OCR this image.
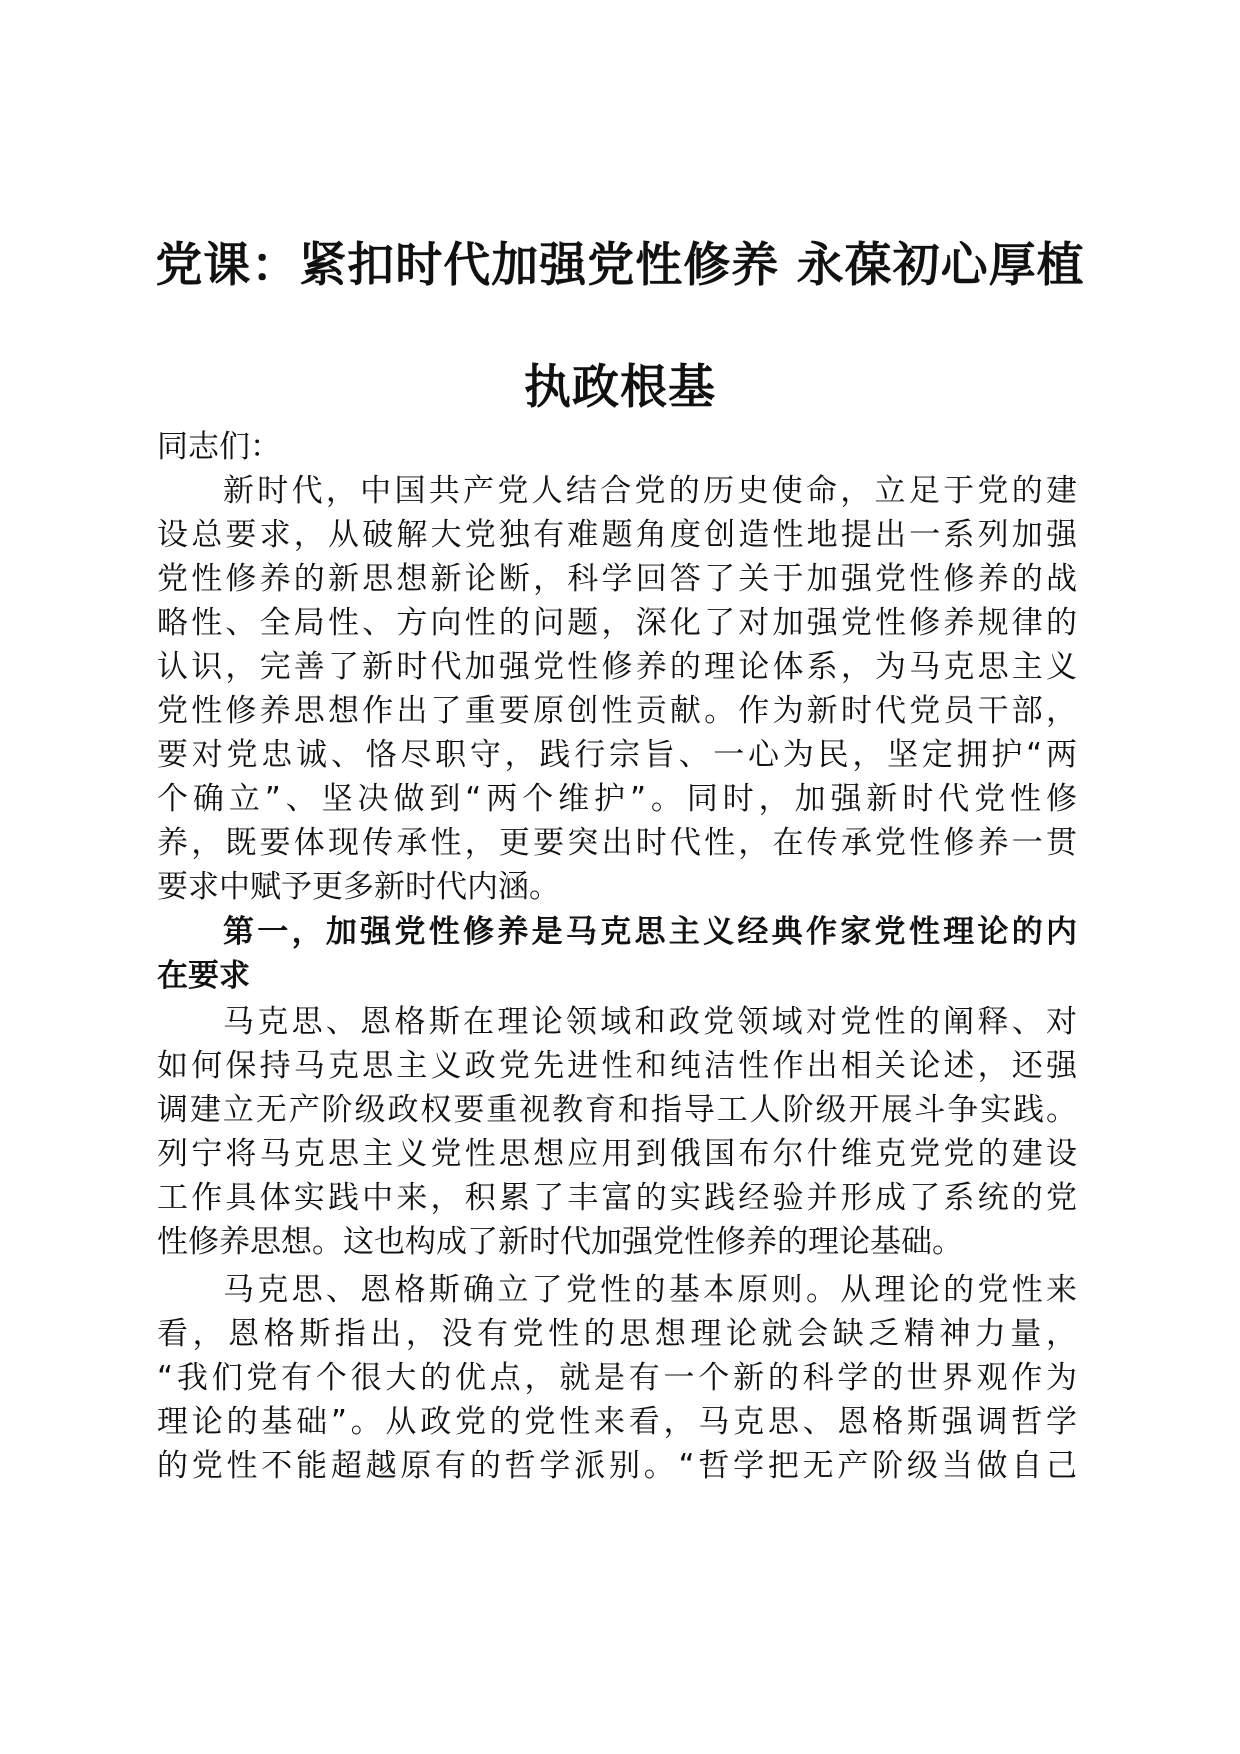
党课：紧扣时代加强党性修养 永葆初心厚植
执政根基
同志们：
新时代，中国共产党人结合党的历史使命，立足于党的建
设总要求，从破解大党独有难题角度创造性地提出一系列加强
党性修养的新思想新论断，科学回答了关于加强党性修养的战
略性、全局性、方向性的问题，深化了对加强党性修养规律的
认识，完善了新时代加强党性修养的理论体系，为马克思主义
党性修养思想作出了重要原创性贡献。作为新时代党员干部，
要对党忠诚、恪尽职守，践行宗旨、一心为民，坚定拥护“两
个确立”、坚决做到“两个维护”。同时，加强新时代党性修
养，既要体现传承性，更要突出时代性，在传承党性修养一贯
要求中赋予更多新时代内涵。
第一，加强党性修养是马克思主义经典作家党性理论的内
在要求
马克思、恩格斯在理论领域和政党领域对党性的阐释、对
如何保持马克思主义政党先进性和纯洁性作出相关论述，还强
调建立无产阶级政权要重视教育和指导工人阶级开展斗争实践。
列宁将马克思主义党性思想应用到俄国布尔什维克党党的建设
工作具体实践中来，积累了丰富的实践经验并形成了系统的党
性修养思想。这也构成了新时代加强党性修养的理论基础。
马克思、恩格斯确立了党性的基本原则。从理论的党性来
看，恩格斯指出，没有党性的思想理论就会缺乏精神力量，
“我们党有个很大的优点，就是有一个新的科学的世界观作为
理论的基础”。从政党的党性来看，马克思、恩格斯强调哲学
的党性不能超越原有的哲学派别。“哲学把无产阶级当做自己
